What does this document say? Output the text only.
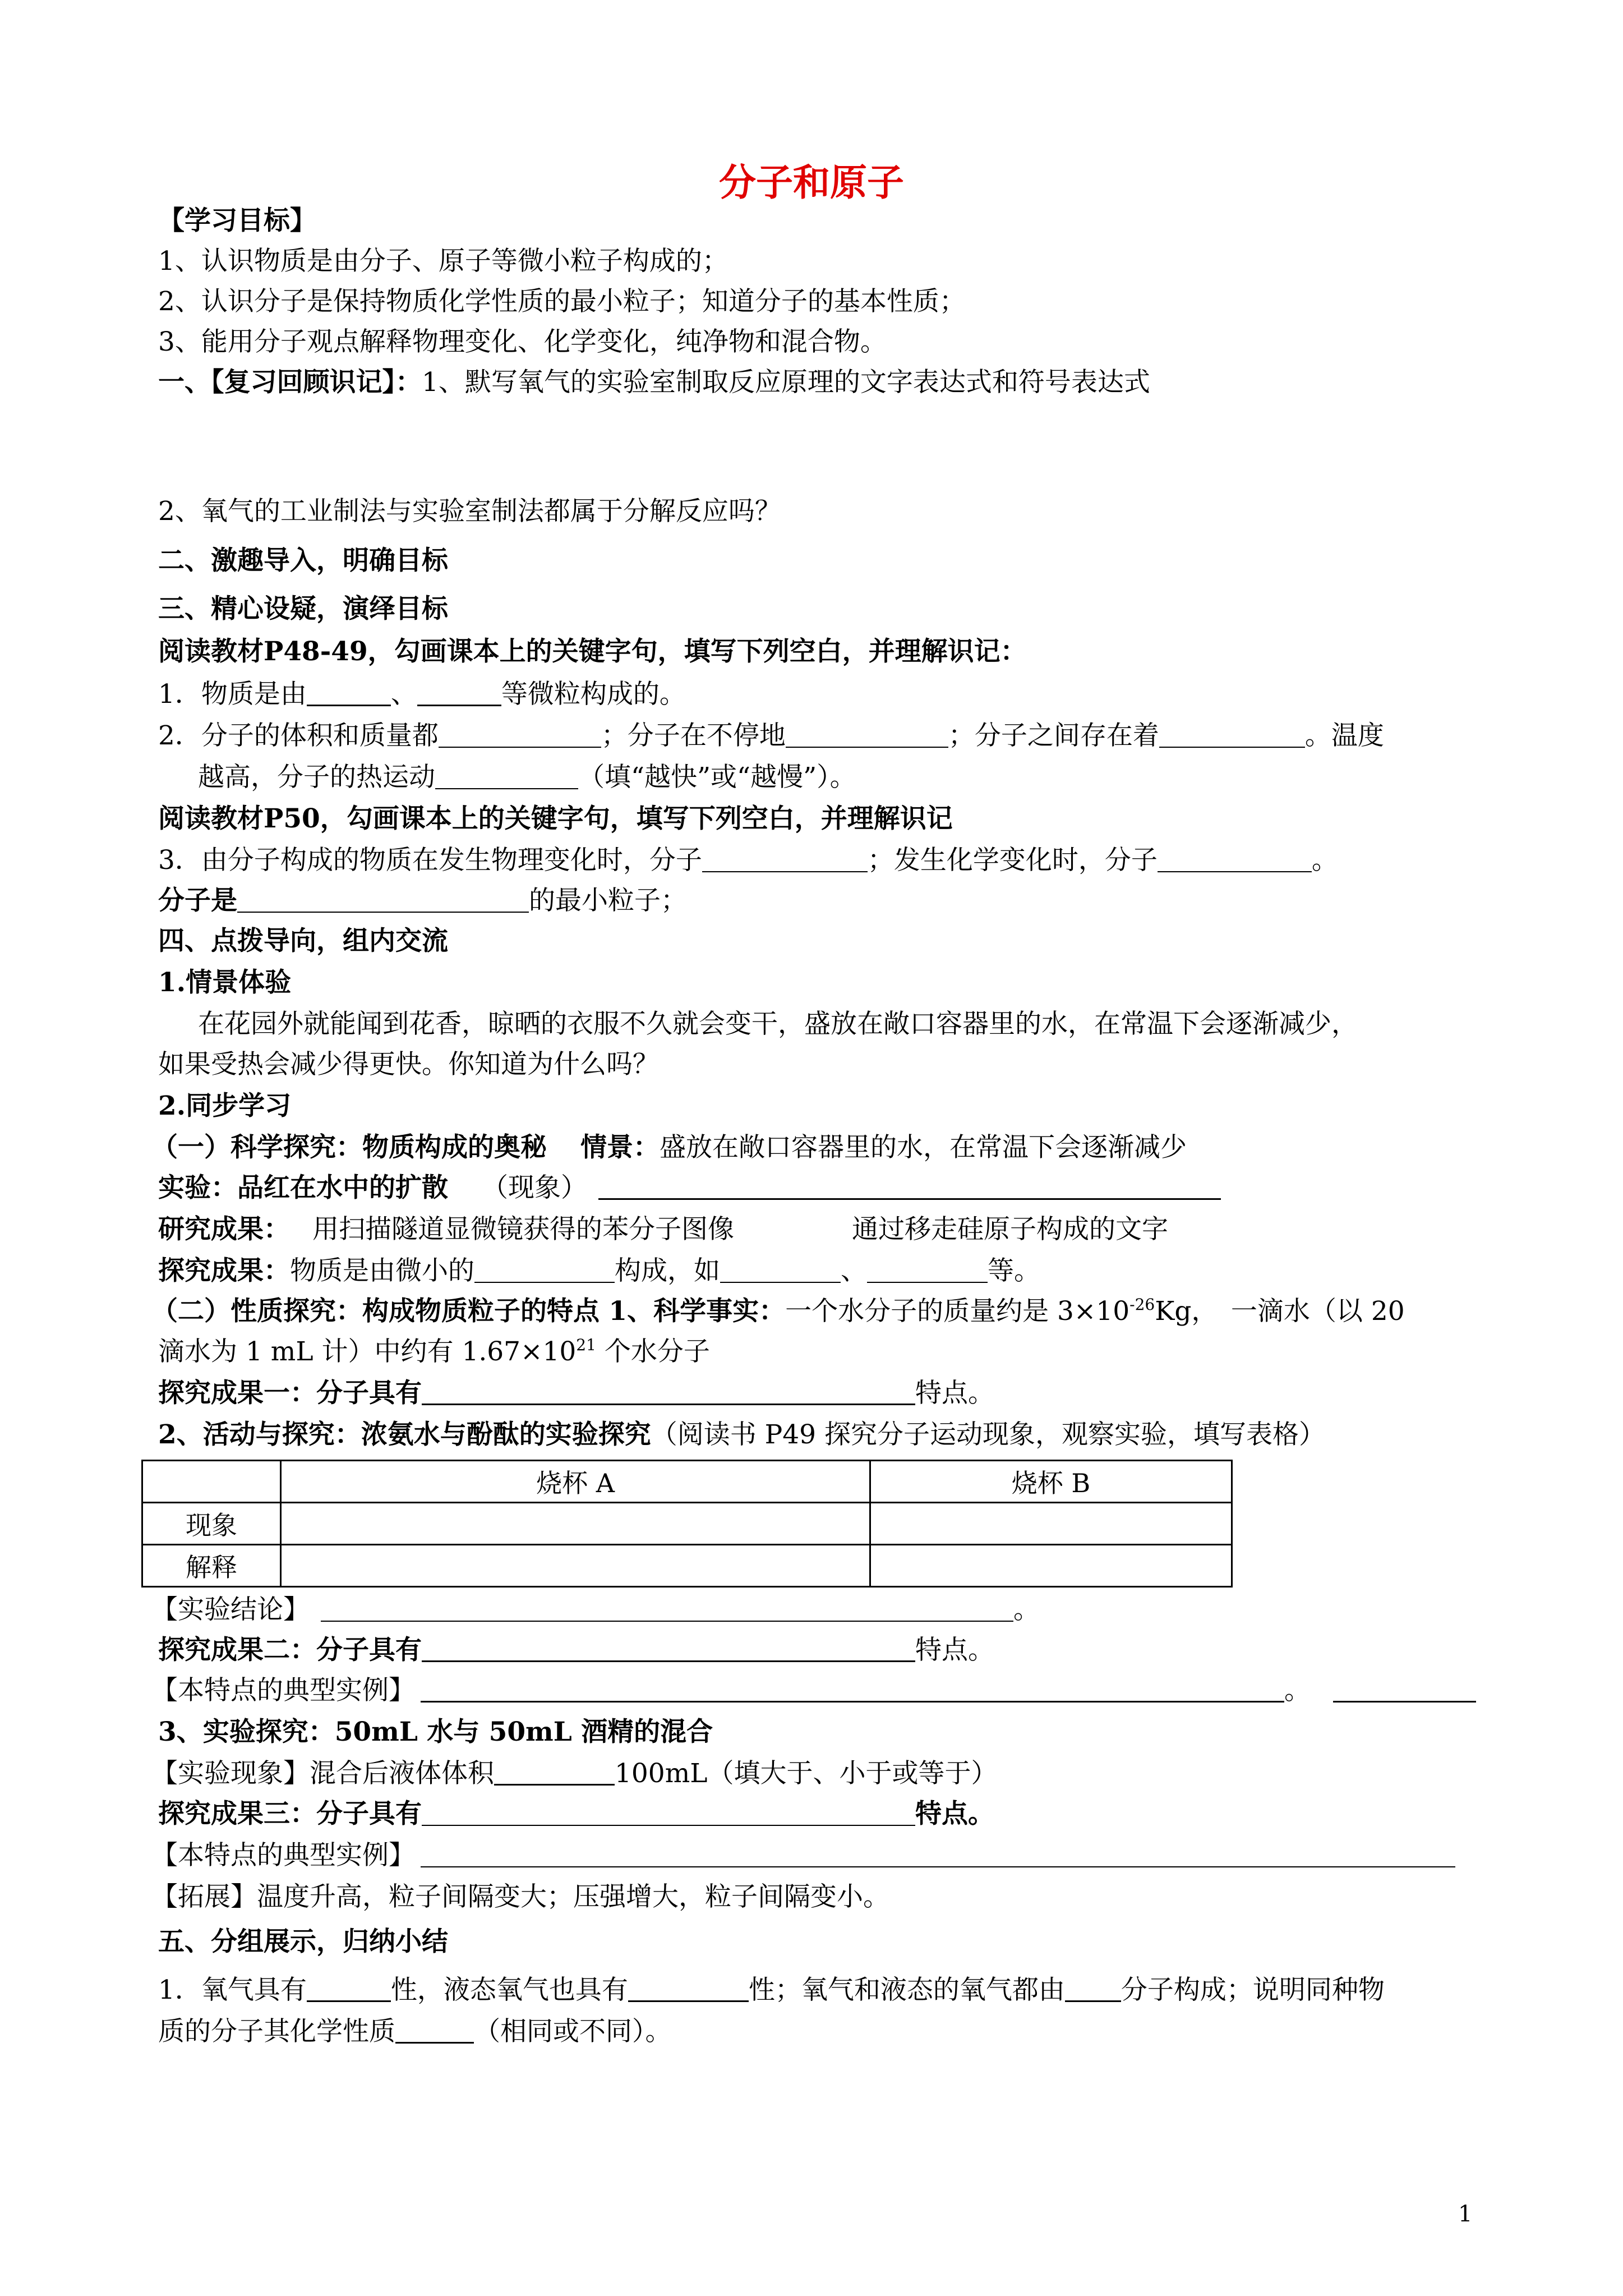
分子和原子
【学习目标】
1、认识物质是由分子、原子等微小粒子构成的；
2、认识分子是保持物质化学性质的最小粒子；知道分子的基本性质；
3、能用分子观点解释物理变化、化学变化，纯净物和混合物。
一、【复习回顾识记】：1、默写氧气的实验室制取反应原理的文字表达式和符号表达式
2、氧气的工业制法与实验室制法都属于分解反应吗？
二、激趣导入，明确目标
三、精心设疑，演绎目标
阅读教材P48-49，勾画课本上的关键字句，填写下列空白，并理解识记：
1．物质是由	、	等微粒构成的。
2．分子的体积和质量都	；分子在不停地	；分子之间存在着	。温度
越高，分子的热运动	（填“越快”或“越慢”）。
阅读教材P50，勾画课本上的关键字句，填写下列空白，并理解识记
3．由分子构成的物质在发生物理变化时，分子	；发生化学变化时，分子	。
分子是	的最小粒子；
四、点拨导向，组内交流
1.情景体验
在花园外就能闻到花香，晾晒的衣服不久就会变干，盛放在敞口容器里的水，在常温下会逐渐减少，
如果受热会减少得更快。你知道为什么吗？
2.同步学习
（一）科学探究：物质构成的奥秘 情景：盛放在敞口容器里的水，在常温下会逐渐减少
实验：品红在水中的扩散 （现象）
研究成果： 用扫描隧道显微镜获得的苯分子图像	通过移走硅原子构成的文字
探究成果：物质是由微小的	构成，如	、	等。
（二）性质探究：构成物质粒子的特点 1、科学事实：一个水分子的质量约是 $3\times 10^{-26}Kg$，　一滴水（以 20
滴水为 1 mL 计）中约有 $1.67\times 10^{21}$ 个水分子
探究成果一：分子具有	特点。
2、活动与探究：浓氨水与酚酞的实验探究（阅读书 P49 探究分子运动现象，观察实验，填写表格）
	烧杯 A	烧杯 B
现象		
解释		
【实验结论】	。
探究成果二：分子具有	特点。
【本特点的典型实例】	。
3、实验探究：50mL 水与 50mL 酒精的混合
【实验现象】混合后液体体积	100mL（填大于、小于或等于）
探究成果三：分子具有	特点。
【本特点的典型实例】
【拓展】温度升高，粒子间隔变大；压强增大，粒子间隔变小。
五、分组展示，归纳小结
1．氧气具有	性，液态氧气也具有	性；氧气和液态的氧气都由 分子构成；说明同种物
质的分子其化学性质	（相同或不同）。
1
